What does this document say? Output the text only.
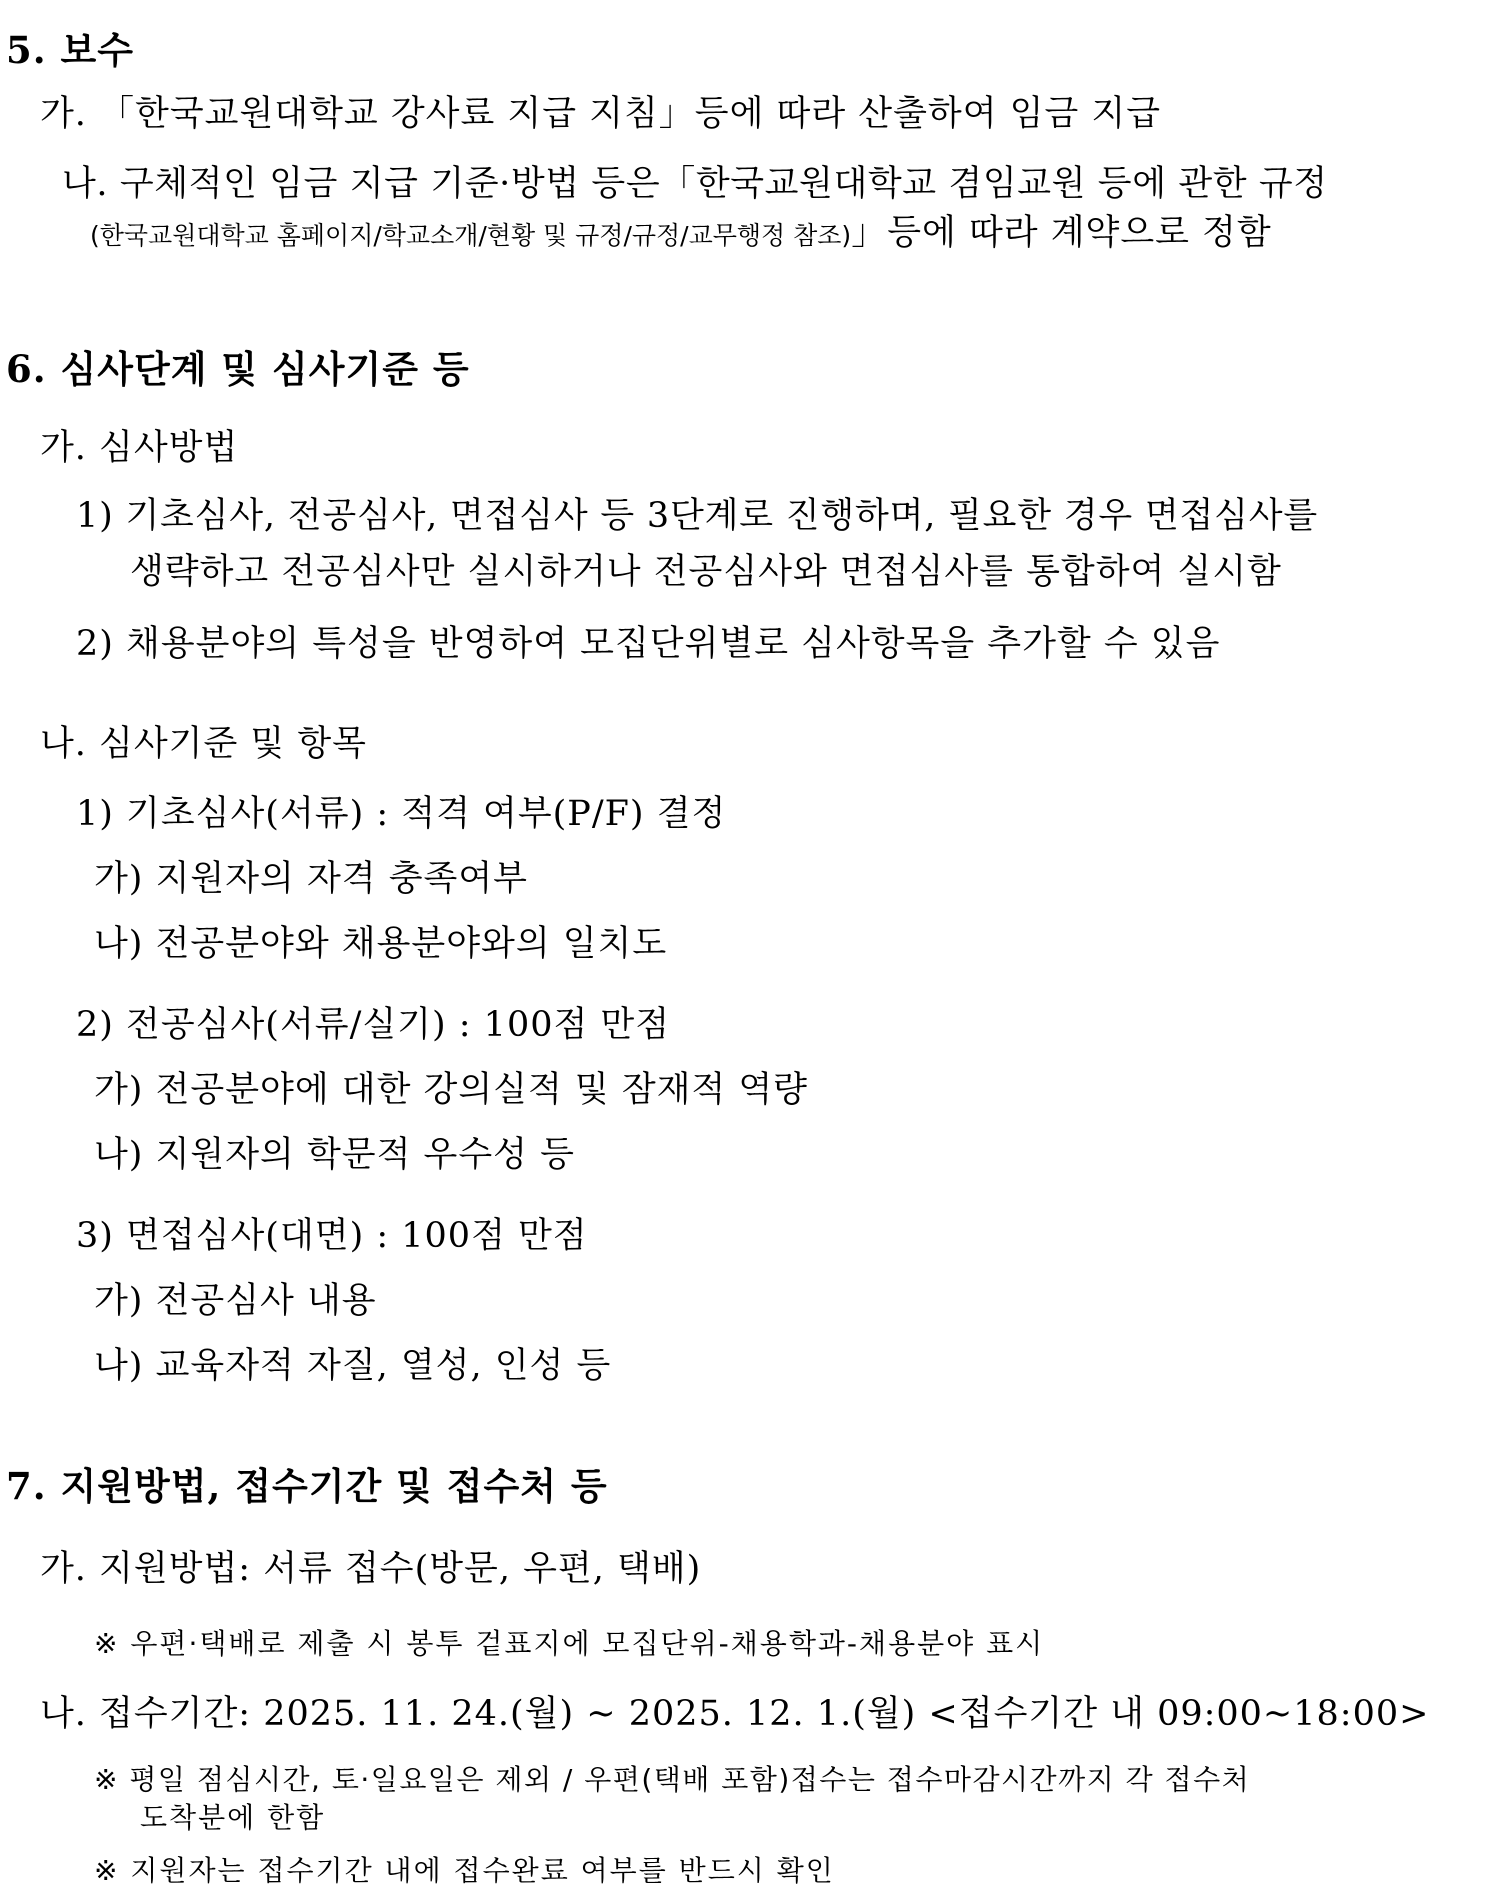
5. 보수
가. 「한국교원대학교 강사료 지급 지침」등에 따라 산출하여 임금 지급
나. 구체적인 임금 지급 기준·방법 등은「한국교원대학교 겸임교원 등에 관한 규정
(한국교원대학교 홈페이지/학교소개/현황 및 규정/규정/교무행정 참조)」등에 따라 계약으로 정함
6. 심사단계 및 심사기준 등
가. 심사방법
1) 기초심사, 전공심사, 면접심사 등 3단계로 진행하며, 필요한 경우 면접심사를
생략하고 전공심사만 실시하거나 전공심사와 면접심사를 통합하여 실시함
2) 채용분야의 특성을 반영하여 모집단위별로 심사항목을 추가할 수 있음
나. 심사기준 및 항목
1) 기초심사(서류) : 적격 여부(P/F) 결정
가) 지원자의 자격 충족여부
나) 전공분야와 채용분야와의 일치도
2) 전공심사(서류/실기) : 100점 만점
가) 전공분야에 대한 강의실적 및 잠재적 역량
나) 지원자의 학문적 우수성 등
3) 면접심사(대면) : 100점 만점
가) 전공심사 내용
나) 교육자적 자질, 열성, 인성 등
7. 지원방법, 접수기간 및 접수처 등
가. 지원방법: 서류 접수(방문, 우편, 택배)
※ 우편·택배로 제출 시 봉투 겉표지에 모집단위-채용학과-채용분야 표시
나. 접수기간: 2025. 11. 24.(월) ~ 2025. 12. 1.(월) <접수기간 내 09:00~18:00>
※ 평일 점심시간, 토·일요일은 제외 / 우편(택배 포함)접수는 접수마감시간까지 각 접수처
도착분에 한함
※ 지원자는 접수기간 내에 접수완료 여부를 반드시 확인
